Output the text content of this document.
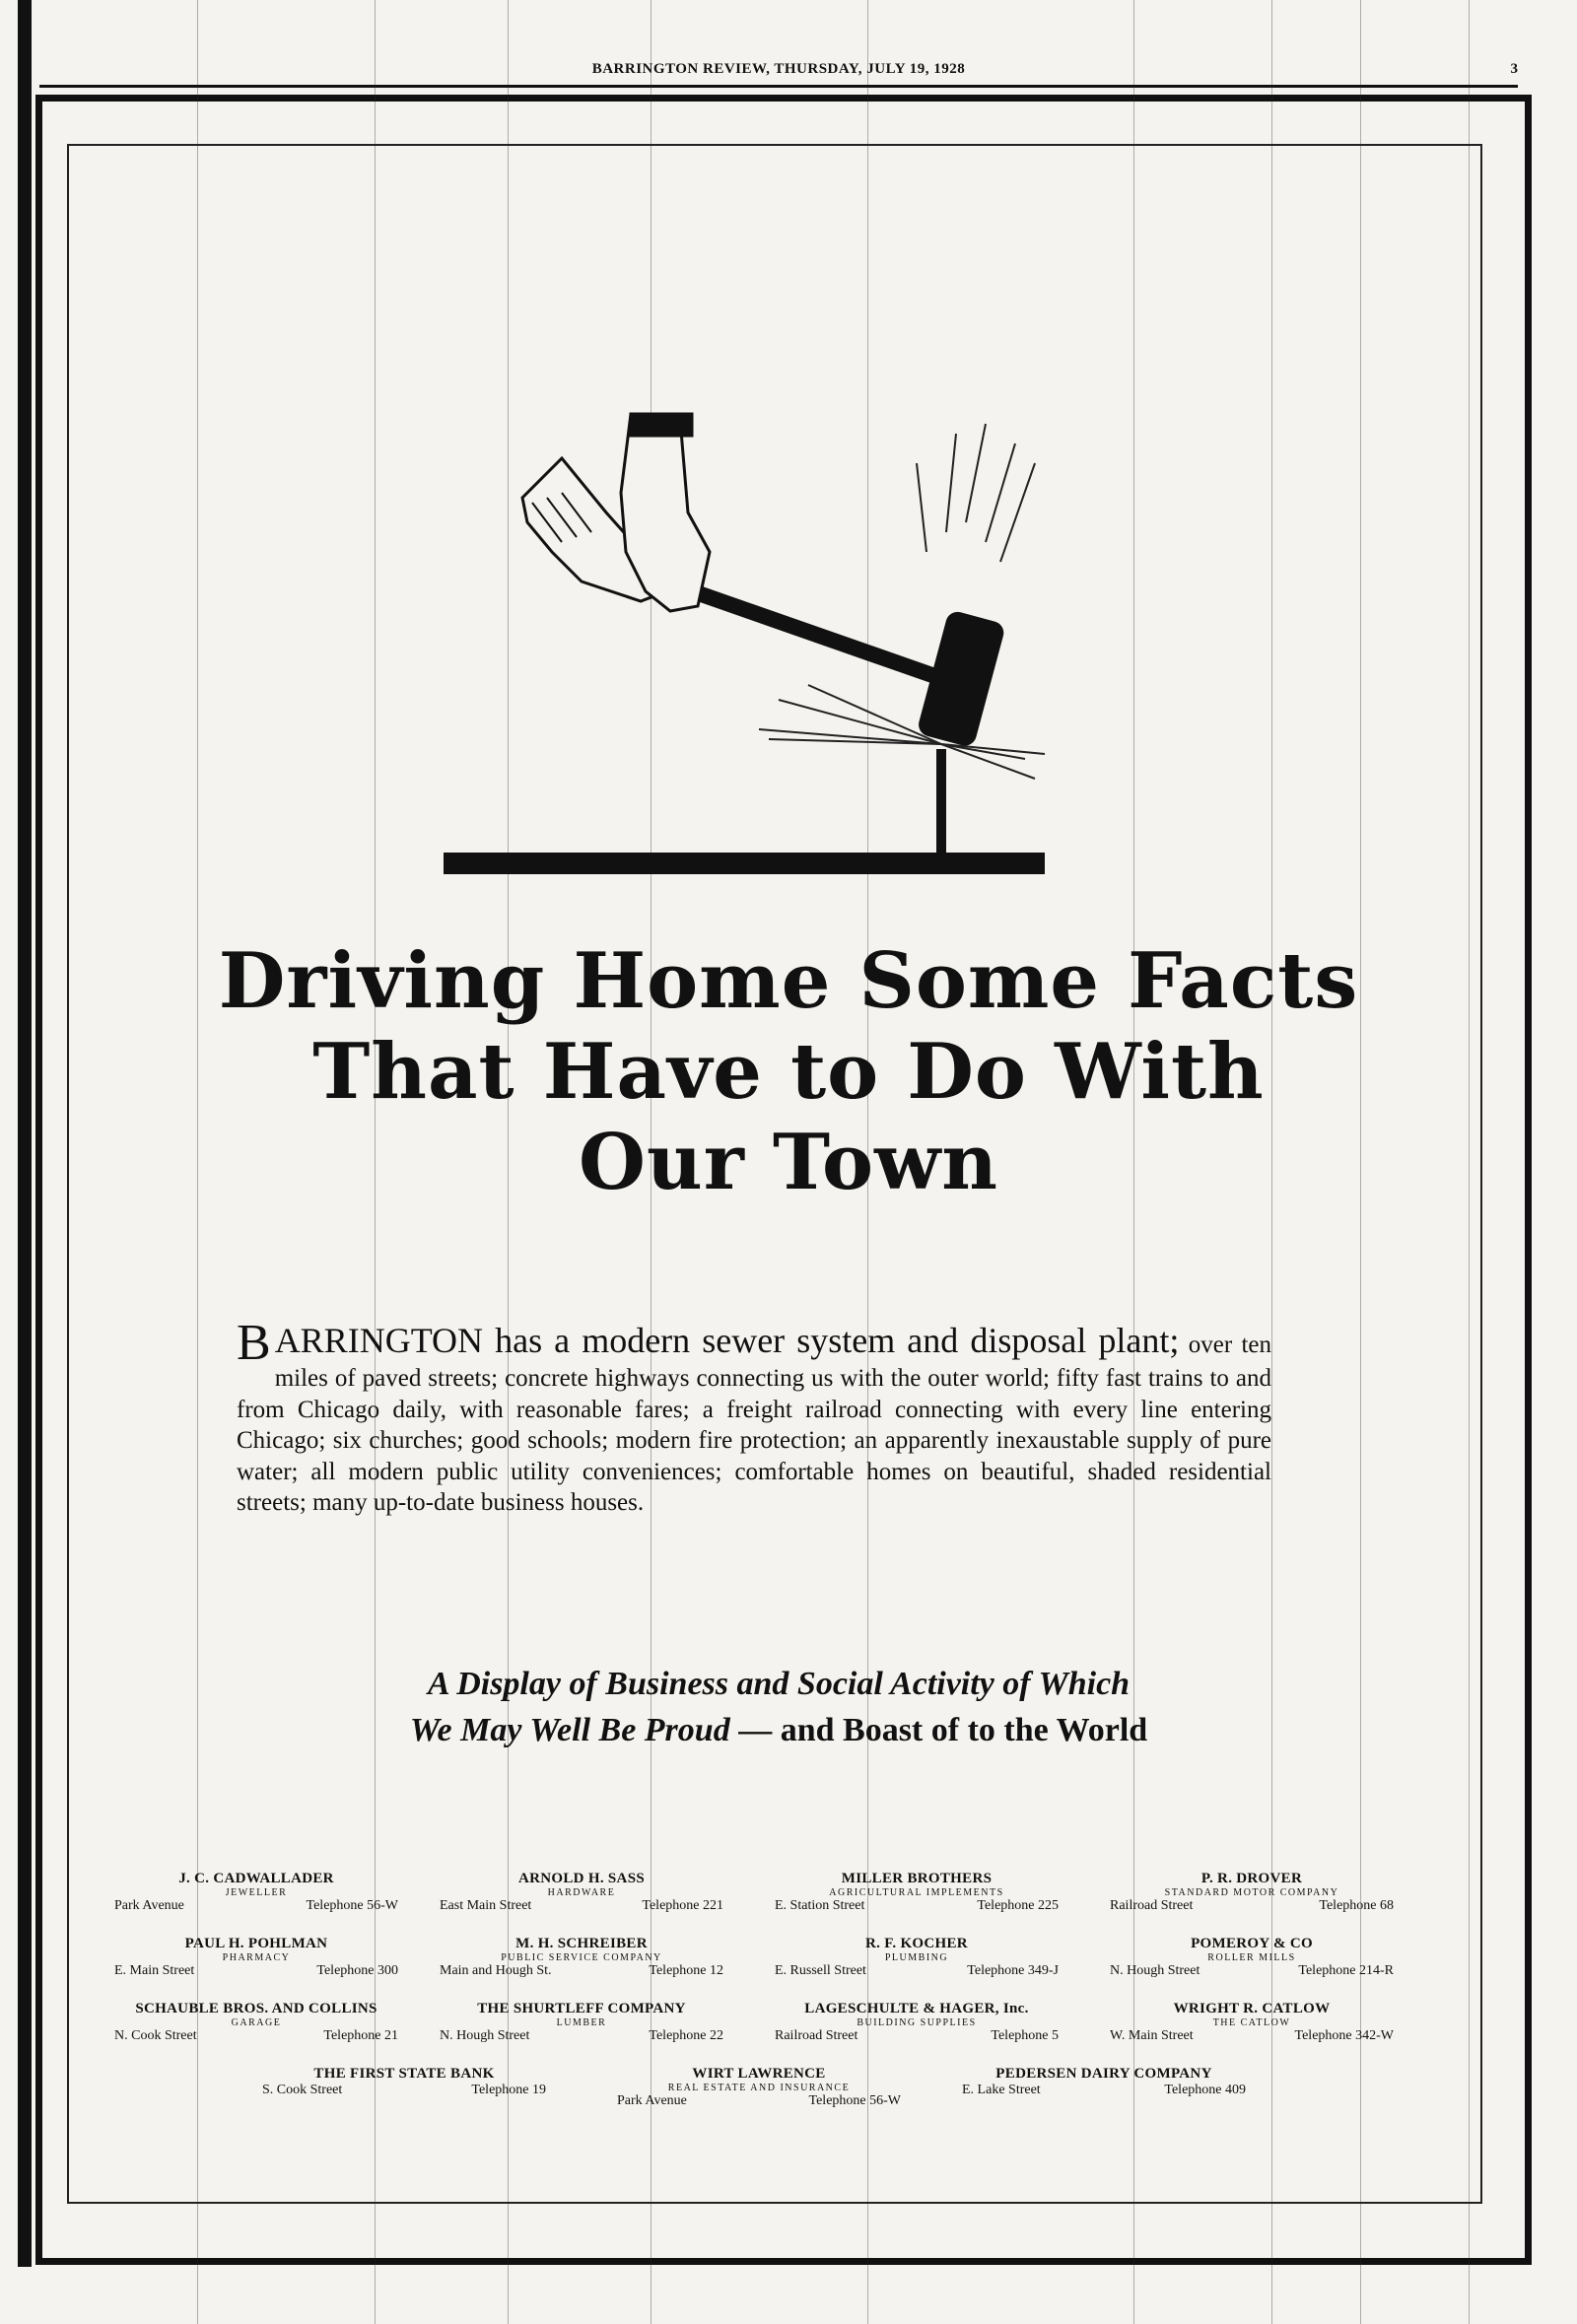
BARRINGTON REVIEW, THURSDAY, JULY 19, 1928	3
Driving Home Some Facts
That Have to Do With
Our Town

B ARRINGTON has a modern sewer system and disposal plant; over ten miles of paved streets; concrete highways connecting us with the outer world; fifty fast trains to and from Chicago daily, with reasonable fares; a freight railroad connecting with every line entering Chicago; six churches; good schools; modern fire protection; an apparently inexaustable supply of pure water; all modern public utility conveniences; comfortable homes on beautiful, shaded residential streets; many up-to-date business houses.

A Display of Business and Social Activity of Which
We May Well Be Proud — and Boast of to the World

J. C. CADWALLADER
JEWELLER
Park Avenue	Telephone 56-W
ARNOLD H. SASS
HARDWARE
East Main Street	Telephone 221
MILLER BROTHERS
AGRICULTURAL IMPLEMENTS
E. Station Street	Telephone 225
P. R. DROVER
STANDARD MOTOR COMPANY
Railroad Street	Telephone 68
PAUL H. POHLMAN
PHARMACY
E. Main Street	Telephone 300
M. H. SCHREIBER
PUBLIC SERVICE COMPANY
Main and Hough St.	Telephone 12
R. F. KOCHER
PLUMBING
E. Russell Street	Telephone 349-J
POMEROY & CO
ROLLER MILLS
N. Hough Street	Telephone 214-R
SCHAUBLE BROS. AND COLLINS
GARAGE
N. Cook Street	Telephone 21
THE SHURTLEFF COMPANY
LUMBER
N. Hough Street	Telephone 22
LAGESCHULTE & HAGER, Inc.
BUILDING SUPPLIES
Railroad Street	Telephone 5
WRIGHT R. CATLOW
THE CATLOW
W. Main Street	Telephone 342-W
THE FIRST STATE BANK
S. Cook Street	Telephone 19
WIRT LAWRENCE
REAL ESTATE AND INSURANCE
Park Avenue	Telephone 56-W
PEDERSEN DAIRY COMPANY
E. Lake Street	Telephone 409
